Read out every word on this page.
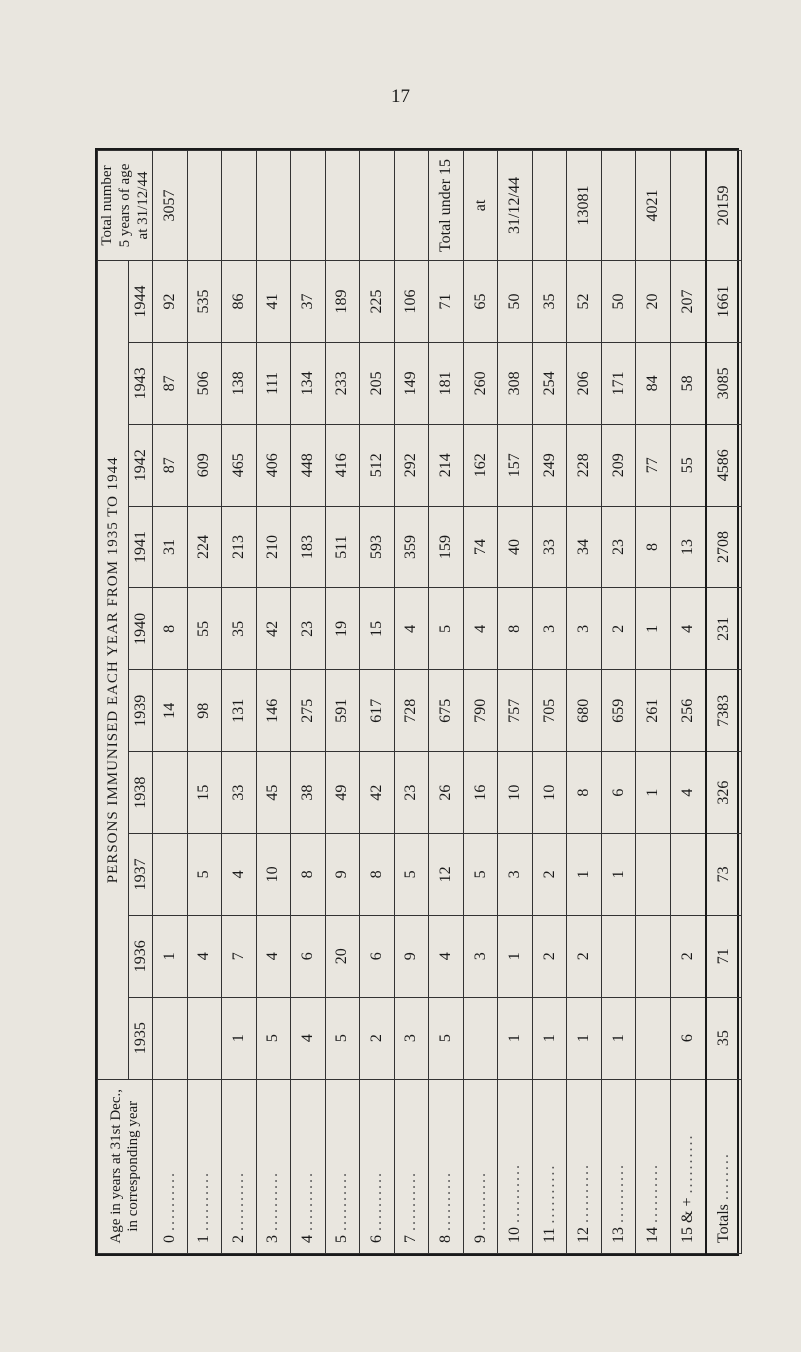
17
Age in years at 31st Dec., in corresponding year	PERSONS IMMUNISED EACH YEAR FROM 1935 TO 1944										Total number 5 years of age at 31/12/44

	1935	1936	1937	1938	1939	1940	1941	1942	1943	1944	
0 ..........		1			14	8	31	87	87	92	3057
1 ..........		4	5	15	98	55	224	609	506	535	
2 ..........	1	7	4	33	131	35	213	465	138	86	
3 ..........	5	4	10	45	146	42	210	406	111	41	
4 ..........	4	6	8	38	275	23	183	448	134	37	
5 ..........	5	20	9	49	591	19	511	416	233	189	
6 ..........	2	6	8	42	617	15	593	512	205	225	
7 ..........	3	9	5	23	728	4	359	292	149	106	
8 ..........	5	4	12	26	675	5	159	214	181	71	Total under 15
9 ..........		3	5	16	790	4	74	162	260	65	at
10 ..........	1	1	3	10	757	8	40	157	308	50	31/12/44
11 ..........	1	2	2	10	705	3	33	249	254	35	
12 ..........	1	2	1	8	680	3	34	228	206	52	13081
13 ..........	1		1	6	659	2	23	209	171	50	
14 ..........				1	261	1	8	77	84	20	4021
15 & + ..........	6	2		4	256	4	13	55	58	207	
Totals ........	35	71	73	326	7383	231	2708	4586	3085	1661	20159
